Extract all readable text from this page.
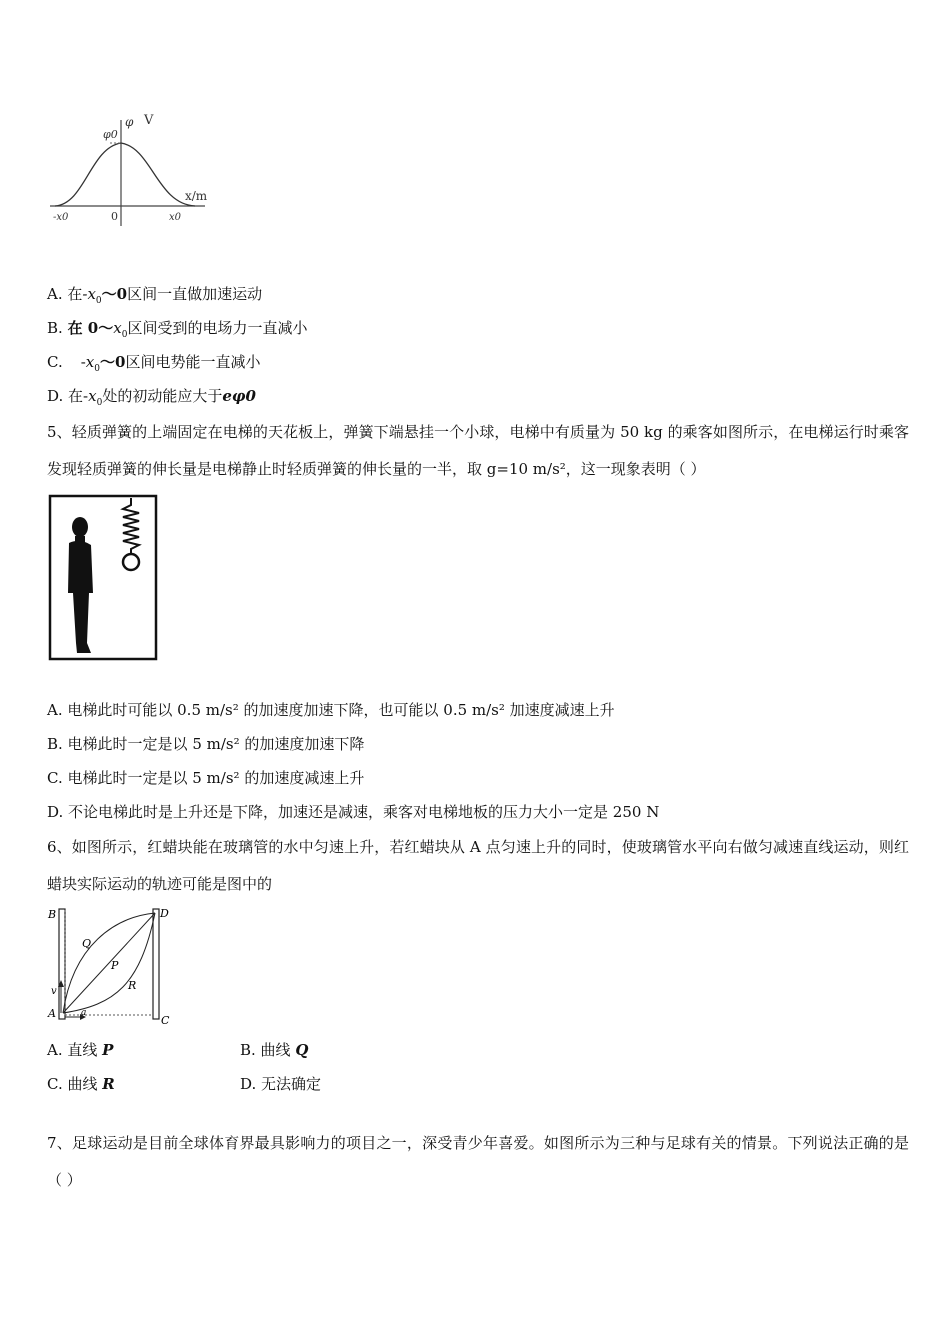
φ V
φ0
x/m
-x0	0	x0
A. 在$-x_0\sim 0$区间一直做加速运动
B. 在 $0\sim x_0$区间受到的电场力一直减小
C. $-x_0\sim 0$区间电势能一直减小
D. 在$-x_0$处的初动能应大于eφ0
5、轻质弹簧的上端固定在电梯的天花板上，弹簧下端悬挂一个小球，电梯中有质量为 50 kg 的乘客如图所示，在电梯运行时乘客发现轻质弹簧的伸长量是电梯静止时轻质弹簧的伸长量的一半，取 g=10 m/s²，这一现象表明（ ）
A. 电梯此时可能以 0.5 m/s² 的加速度加速下降，也可能以 0.5 m/s² 加速度减速上升
B. 电梯此时一定是以 5 m/s² 的加速度加速下降
C. 电梯此时一定是以 5 m/s² 的加速度减速上升
D. 不论电梯此时是上升还是下降，加速还是减速，乘客对电梯地板的压力大小一定是 250 N
6、如图所示，红蜡块能在玻璃管的水中匀速上升，若红蜡块从 A 点匀速上升的同时，使玻璃管水平向右做匀减速直线运动，则红蜡块实际运动的轨迹可能是图中的
B	D
Q
P
R
v
A	a
C
A. 直线 P	B. 曲线 Q
C. 曲线 R	D. 无法确定
7、足球运动是目前全球体育界最具影响力的项目之一，深受青少年喜爱。如图所示为三种与足球有关的情景。下列说法正确的是（ ）
